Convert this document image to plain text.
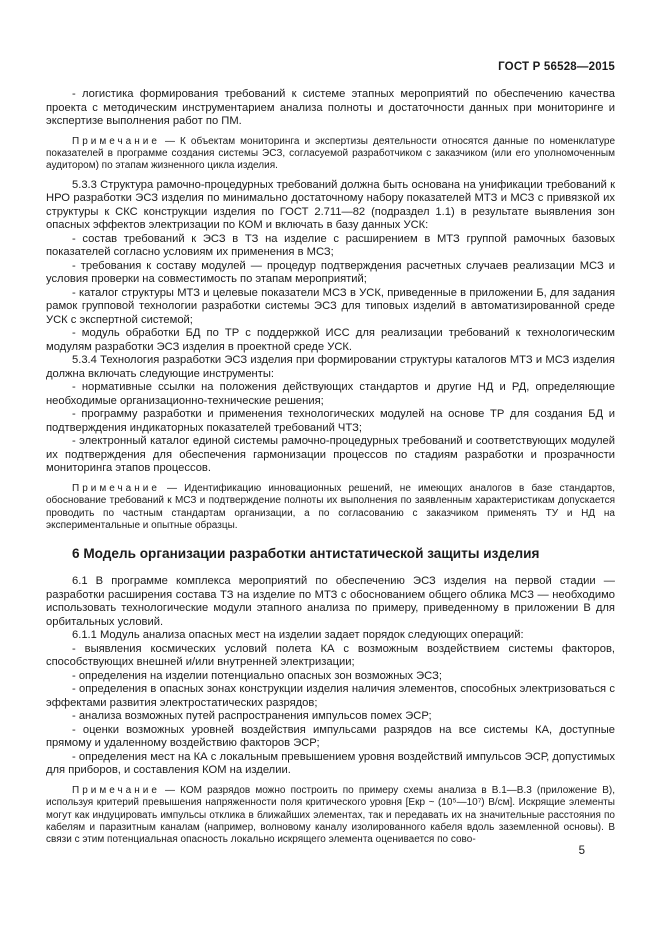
ГОСТ Р 56528—2015

- логистика формирования требований к системе этапных мероприятий по обеспечению качества проекта с методическим инструментарием анализа полноты и достаточности данных при мониторинге и экспертизе выполнения работ по ПМ.

Примечание — К объектам мониторинга и экспертизы деятельности относятся данные по номенклатуре показателей в программе создания системы ЭСЗ, согласуемой разработчиком с заказчиком (или его уполномоченным аудитором) по этапам жизненного цикла изделия.

5.3.3 Структура рамочно-процедурных требований должна быть основана на унификации требований к НРО разработки ЭСЗ изделия по минимально достаточному набору показателей МТЗ и МСЗ с привязкой их структуры к СКС конструкции изделия по ГОСТ 2.711—82 (подраздел 1.1) в результате выявления зон опасных эффектов электризации по КОМ и включать в базу данных УСК:

- состав требований к ЭСЗ в ТЗ на изделие с расширением в МТЗ группой рамочных базовых показателей согласно условиям их применения в МСЗ;

- требования к составу модулей — процедур подтверждения расчетных случаев реализации МСЗ и условия проверки на совместимость по этапам мероприятий;

- каталог структуры МТЗ и целевые показатели МСЗ в УСК, приведенные в приложении Б, для задания рамок групповой технологии разработки системы ЭСЗ для типовых изделий в автоматизированной среде УСК с экспертной системой;

- модуль обработки БД по ТР с поддержкой ИСС для реализации требований к технологическим модулям разработки ЭСЗ изделия в проектной среде УСК.

5.3.4 Технология разработки ЭСЗ изделия при формировании структуры каталогов МТЗ и МСЗ изделия должна включать следующие инструменты:

- нормативные ссылки на положения действующих стандартов и другие НД и РД, определяющие необходимые организационно-технические решения;

- программу разработки и применения технологических модулей на основе ТР для создания БД и подтверждения индикаторных показателей требований ЧТЗ;

- электронный каталог единой системы рамочно-процедурных требований и соответствующих модулей их подтверждения для обеспечения гармонизации процессов по стадиям разработки и прозрачности мониторинга этапов процессов.

Примечание — Идентификацию инновационных решений, не имеющих аналогов в базе стандартов, обоснование требований к МСЗ и подтверждение полноты их выполнения по заявленным характеристикам допускается проводить по частным стандартам организации, а по согласованию с заказчиком применять ТУ и НД на экспериментальные и опытные образцы.

6 Модель организации разработки антистатической защиты изделия

6.1 В программе комплекса мероприятий по обеспечению ЭСЗ изделия на первой стадии — разработки расширения состава ТЗ на изделие по МТЗ с обоснованием общего облика МСЗ — необходимо использовать технологические модули этапного анализа по примеру, приведенному в приложении В для орбитальных условий.

6.1.1 Модуль анализа опасных мест на изделии задает порядок следующих операций:

- выявления космических условий полета КА с возможным воздействием системы факторов, способствующих внешней и/или внутренней электризации;

- определения на изделии потенциально опасных зон возможных ЭСЗ;

- определения в опасных зонах конструкции изделия наличия элементов, способных электризоваться с эффектами развития электростатических разрядов;

- анализа возможных путей распространения импульсов помех ЭСР;

- оценки возможных уровней воздействия импульсами разрядов на все системы КА, доступные прямому и удаленному воздействию факторов ЭСР;

- определения мест на КА с локальным превышением уровня воздействий импульсов ЭСР, допустимых для приборов, и составления КОМ на изделии.

Примечание — КОМ разрядов можно построить по примеру схемы анализа в В.1—В.3 (приложение В), используя критерий превышения напряженности поля критического уровня [Екр ~ (10⁵—10⁷) В/см]. Искрящие элементы могут как индуцировать импульсы отклика в ближайших элементах, так и передавать их на значительные расстояния по кабелям и паразитным каналам (например, волновому каналу изолированного кабеля вдоль заземленной основы). В связи с этим потенциальная опасность локально искрящего элемента оценивается по сово-

5
